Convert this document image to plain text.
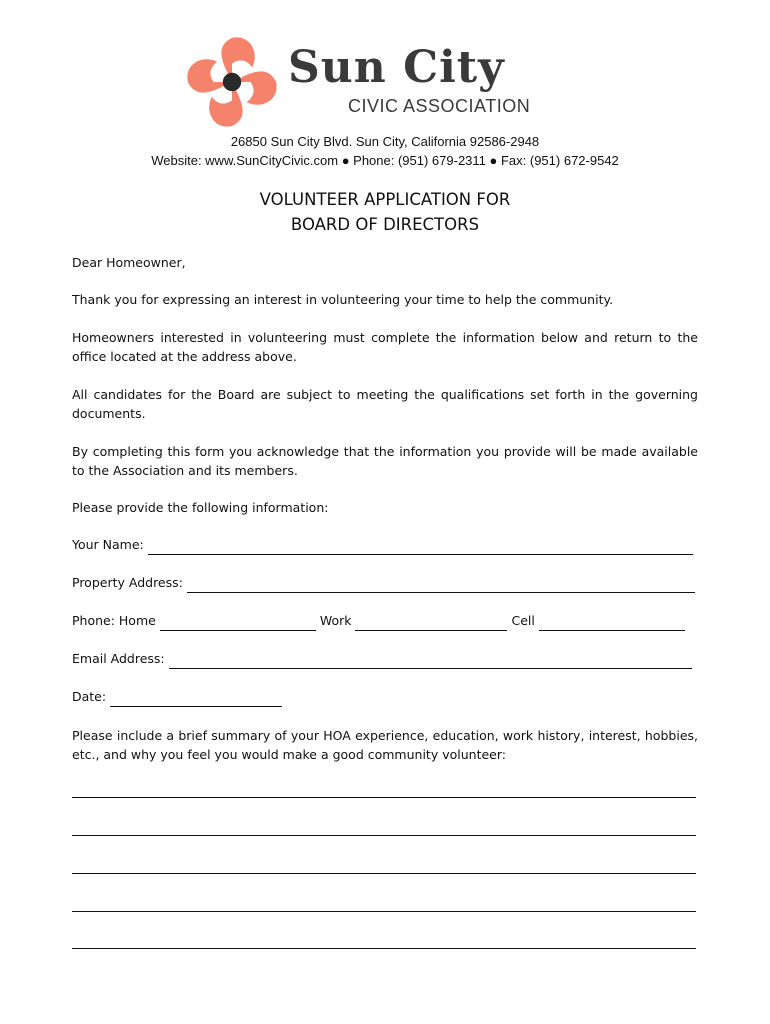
Sun City
CIVIC ASSOCIATION
26850 Sun City Blvd. Sun City, California 92586-2948
Website: www.SunCityCivic.com ● Phone: (951) 679-2311 ● Fax: (951) 672-9542
VOLUNTEER APPLICATION FOR
BOARD OF DIRECTORS
Dear Homeowner,
Thank you for expressing an interest in volunteering your time to help the community.
Homeowners interested in volunteering must complete the information below and return to the office located at the address above.
All candidates for the Board are subject to meeting the qualifications set forth in the governing documents.
By completing this form you acknowledge that the information you provide will be made available to the Association and its members.
Please provide the following information:
Your Name:
Property Address:
Phone: Home	Work	Cell
Email Address:
Date:
Please include a brief summary of your HOA experience, education, work history, interest, hobbies, etc., and why you feel you would make a good community volunteer:
